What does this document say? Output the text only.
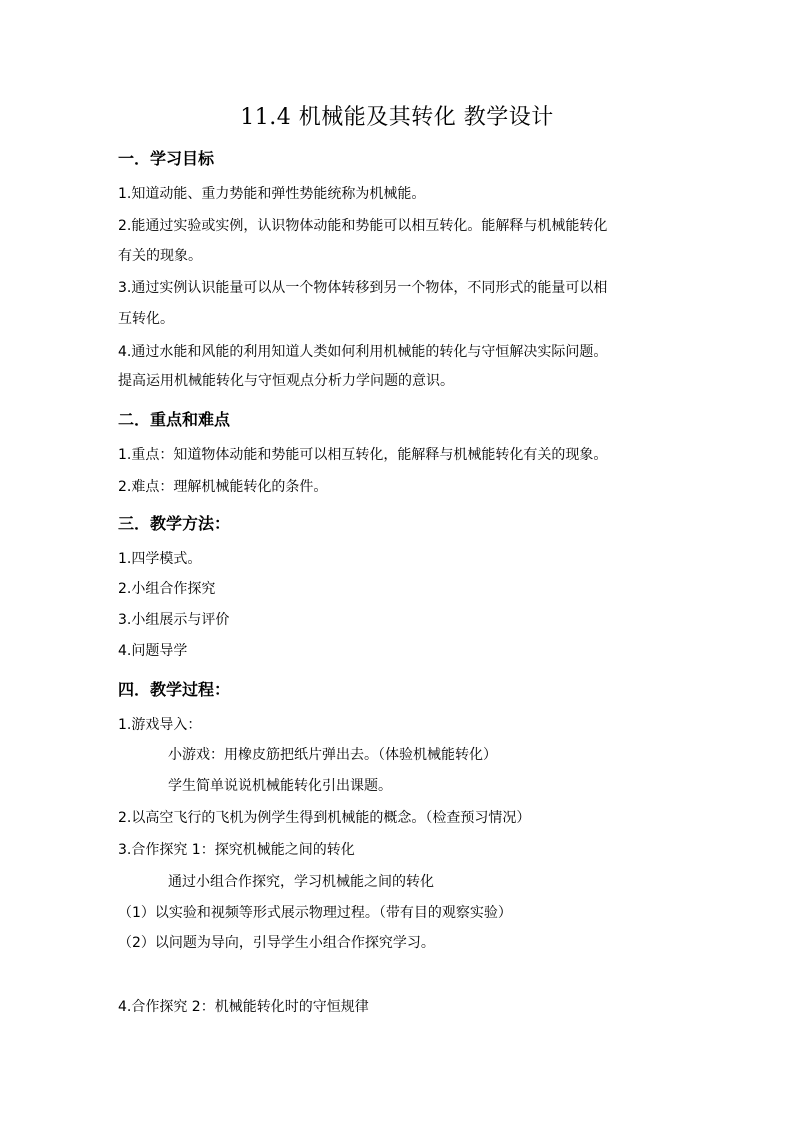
11.4 机械能及其转化 教学设计
一．学习目标
1.知道动能、重力势能和弹性势能统称为机械能。
2.能通过实验或实例，认识物体动能和势能可以相互转化。能解释与机械能转化
有关的现象。
3.通过实例认识能量可以从一个物体转移到另一个物体，不同形式的能量可以相
互转化。
4.通过水能和风能的利用知道人类如何利用机械能的转化与守恒解决实际问题。
提高运用机械能转化与守恒观点分析力学问题的意识。
二．重点和难点
1.重点：知道物体动能和势能可以相互转化，能解释与机械能转化有关的现象。
2.难点：理解机械能转化的条件。
三．教学方法：
1.四学模式。
2.小组合作探究
3.小组展示与评价
4.问题导学
四．教学过程：
1.游戏导入：
小游戏：用橡皮筋把纸片弹出去。（体验机械能转化）
学生简单说说机械能转化引出课题。
2.以高空飞行的飞机为例学生得到机械能的概念。（检查预习情况）
3.合作探究 1：探究机械能之间的转化
通过小组合作探究，学习机械能之间的转化
（1）以实验和视频等形式展示物理过程。（带有目的观察实验）
（2）以问题为导向，引导学生小组合作探究学习。
4.合作探究 2：机械能转化时的守恒规律
